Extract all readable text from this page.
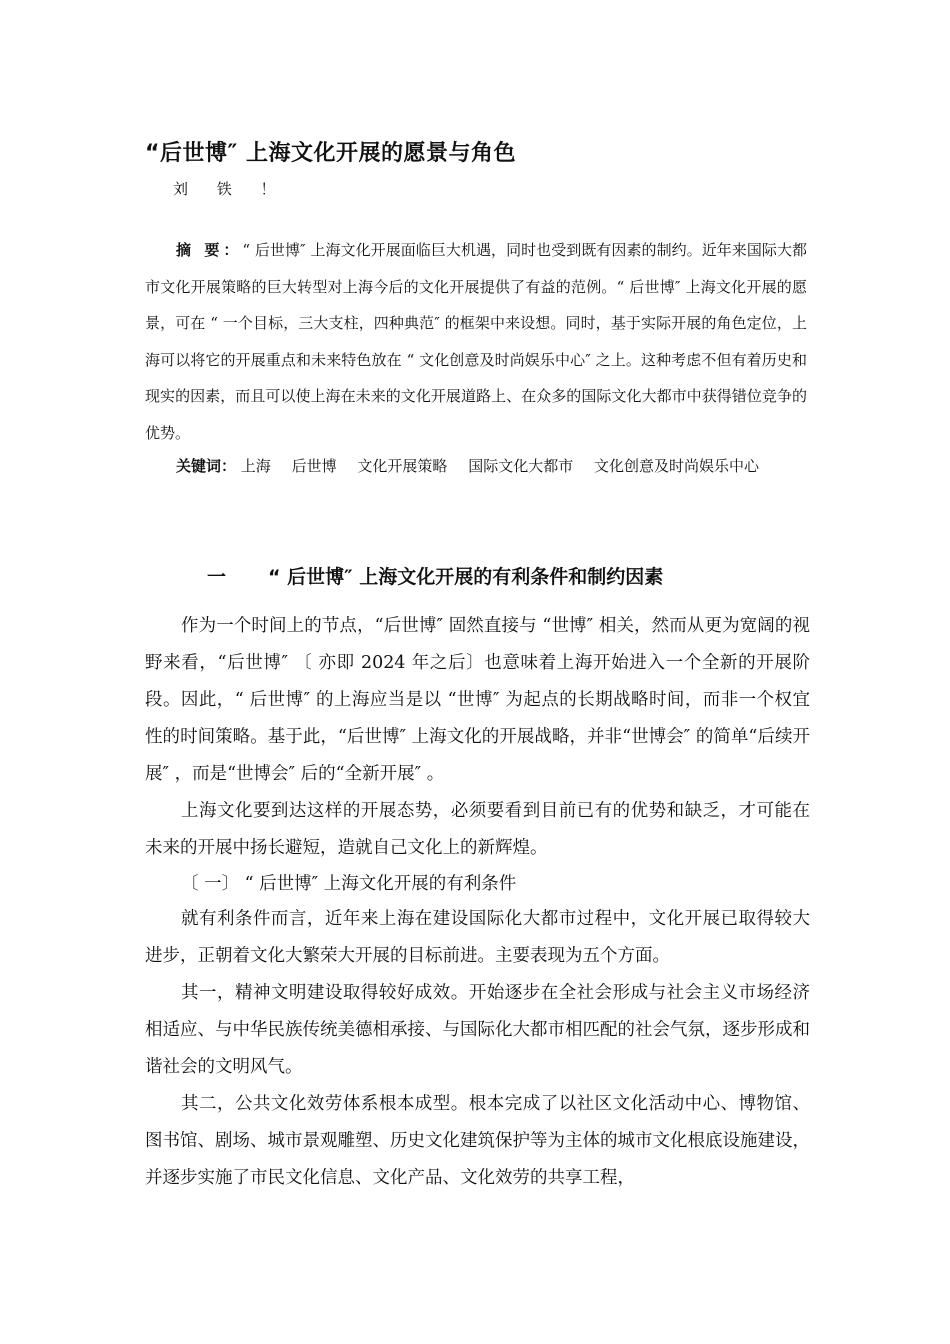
“后世博″ 上海文化开展的愿景与角色
刘 铁 ！

摘 要：“ 后世博″ 上海文化开展面临巨大机遇，同时也受到既有因素的制约。近年来国际大都市文化开展策略的巨大转型对上海今后的文化开展提供了有益的范例。“ 后世博″ 上海文化开展的愿景，可在 “ 一个目标，三大支柱，四种典范″ 的框架中来设想。同时，基于实际开展的角色定位，上海可以将它的开展重点和未来特色放在 “ 文化创意及时尚娱乐中心″ 之上。这种考虑不但有着历史和现实的因素，而且可以使上海在未来的文化开展道路上、在众多的国际文化大都市中获得错位竞争的优势。

关键词： 上海 后世博 文化开展策略 国际文化大都市 文化创意及时尚娱乐中心
一 “ 后世博″ 上海文化开展的有利条件和制约因素

作为一个时间上的节点，“后世博″ 固然直接与 “世博″ 相关，然而从更为宽阔的视野来看，“后世博″ 〔 亦即 2024 年之后〕也意味着上海开始进入一个全新的开展阶段。因此，“ 后世博″ 的上海应当是以 “世博″ 为起点的长期战略时间，而非一个权宜性的时间策略。基于此，“后世博″ 上海文化的开展战略，并非“世博会″ 的简单“后续开展″ ，而是“世博会″ 后的“全新开展″ 。

上海文化要到达这样的开展态势，必须要看到目前已有的优势和缺乏，才可能在未来的开展中扬长避短，造就自己文化上的新辉煌。

〔 一〕 “ 后世博″ 上海文化开展的有利条件

就有利条件而言，近年来上海在建设国际化大都市过程中，文化开展已取得较大进步，正朝着文化大繁荣大开展的目标前进。主要表现为五个方面。

其一，精神文明建设取得较好成效。开始逐步在全社会形成与社会主义市场经济相适应、与中华民族传统美德相承接、与国际化大都市相匹配的社会气氛，逐步形成和谐社会的文明风气。

其二，公共文化效劳体系根本成型。根本完成了以社区文化活动中心、博物馆、图书馆、剧场、城市景观雕塑、历史文化建筑保护等为主体的城市文化根底设施建设，并逐步实施了市民文化信息、文化产品、文化效劳的共享工程，
